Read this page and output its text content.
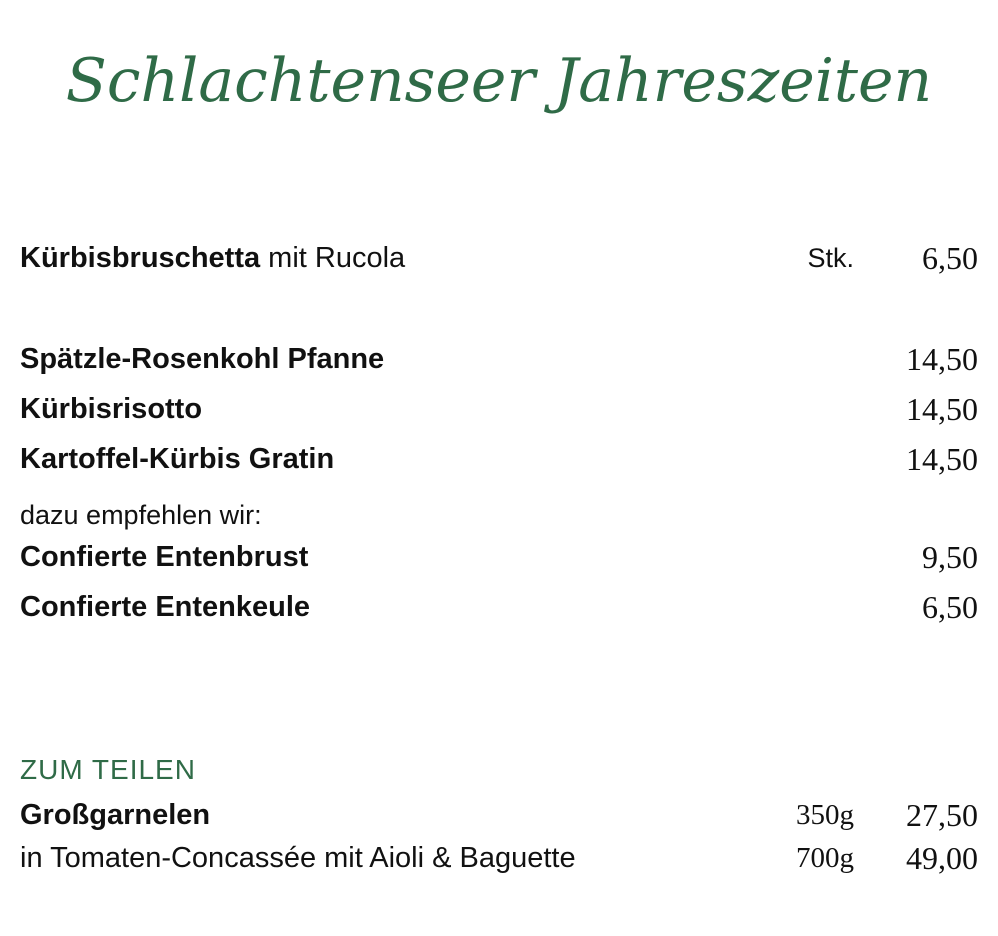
Schlachtenseer Jahreszeiten
Kürbisbruschetta mit Rucola	Stk. 6,50
Spätzle-Rosenkohl Pfanne	14,50
Kürbisrisotto	14,50
Kartoffel-Kürbis Gratin	14,50
dazu empfehlen wir:
Confierte Entenbrust	9,50
Confierte Entenkeule	6,50
ZUM TEILEN
Großgarnelen	350g 27,50
in Tomaten-Concassée mit Aioli & Baguette	700g 49,00
